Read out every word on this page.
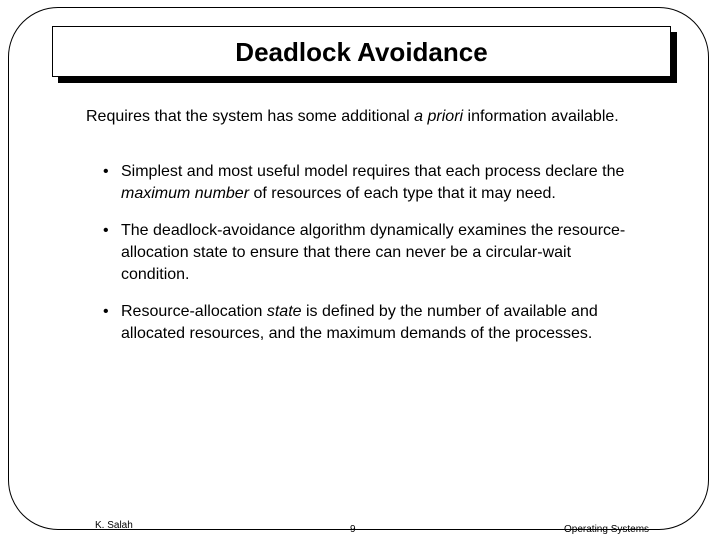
Deadlock Avoidance
Requires that the system has some additional a priori information available.
• Simplest and most useful model requires that each process declare the maximum number of resources of each type that it may need.
• The deadlock-avoidance algorithm dynamically examines the resource-allocation state to ensure that there can never be a circular-wait condition.
• Resource-allocation state is defined by the number of available and allocated resources, and the maximum demands of the processes.
K. Salah	9	Operating Systems
